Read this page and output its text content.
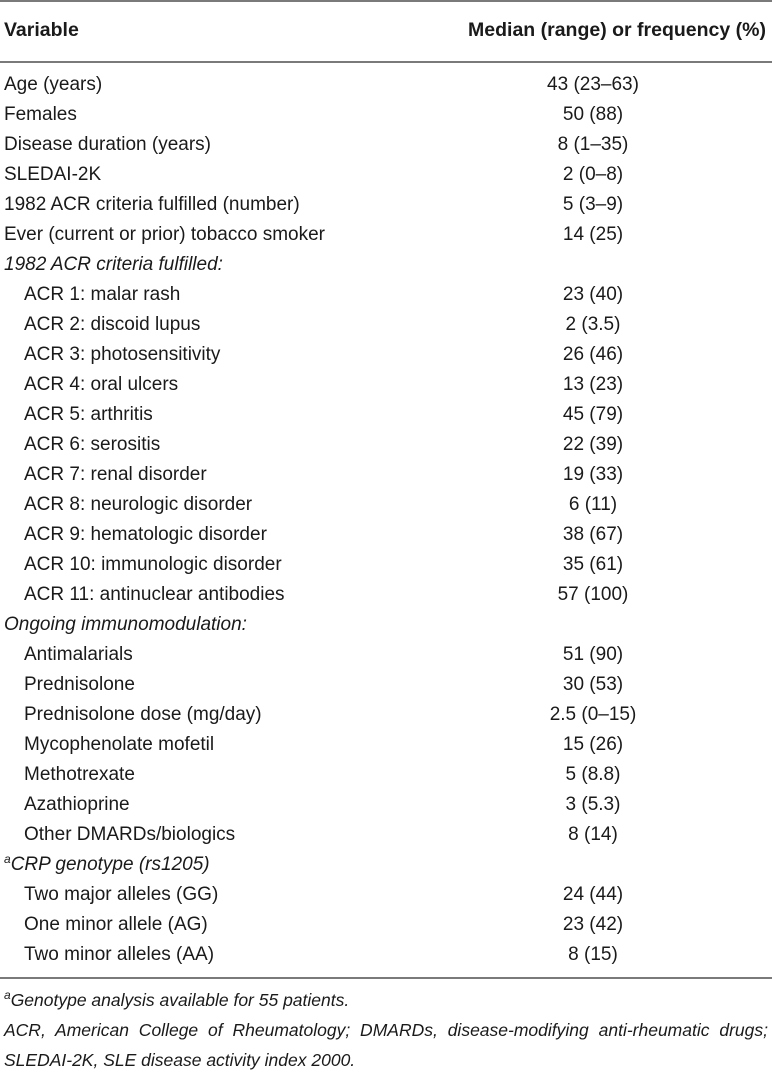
Variable	Median (range) or frequency (%)
Age (years)	43 (23–63)
Females	50 (88)
Disease duration (years)	8 (1–35)
SLEDAI-2K	2 (0–8)
1982 ACR criteria fulfilled (number)	5 (3–9)
Ever (current or prior) tobacco smoker	14 (25)
1982 ACR criteria fulfilled:
ACR 1: malar rash	23 (40)
ACR 2: discoid lupus	2 (3.5)
ACR 3: photosensitivity	26 (46)
ACR 4: oral ulcers	13 (23)
ACR 5: arthritis	45 (79)
ACR 6: serositis	22 (39)
ACR 7: renal disorder	19 (33)
ACR 8: neurologic disorder	6 (11)
ACR 9: hematologic disorder	38 (67)
ACR 10: immunologic disorder	35 (61)
ACR 11: antinuclear antibodies	57 (100)
Ongoing immunomodulation:
Antimalarials	51 (90)
Prednisolone	30 (53)
Prednisolone dose (mg/day)	2.5 (0–15)
Mycophenolate mofetil	15 (26)
Methotrexate	5 (8.8)
Azathioprine	3 (5.3)
Other DMARDs/biologics	8 (14)
$^a$CRP genotype (rs1205)
Two major alleles (GG)	24 (44)
One minor allele (AG)	23 (42)
Two minor alleles (AA)	8 (15)
$^a$Genotype analysis available for 55 patients.
ACR, American College of Rheumatology; DMARDs, disease-modifying anti-rheumatic drugs; SLEDAI-2K, SLE disease activity index 2000.
